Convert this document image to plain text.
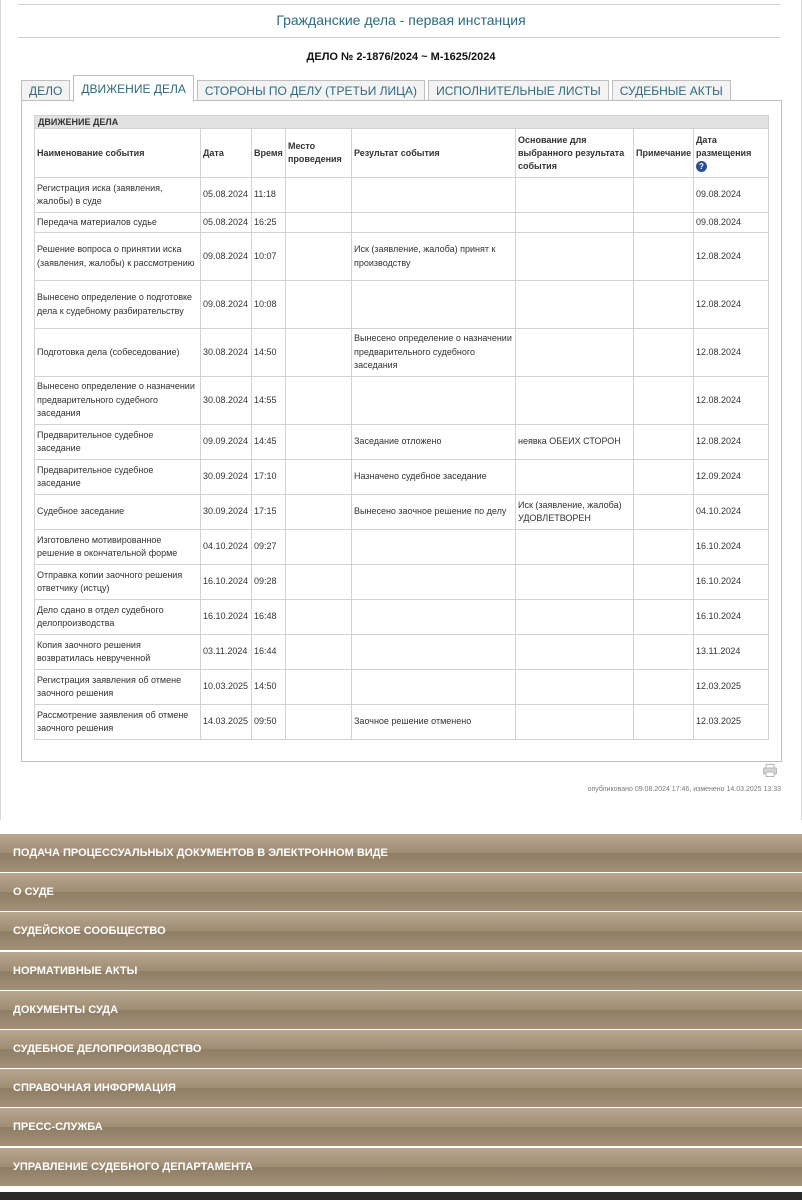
Гражданские дела - первая инстанция
ДЕЛО № 2-1876/2024 ~ М-1625/2024
ДЕЛО	ДВИЖЕНИЕ ДЕЛА	СТОРОНЫ ПО ДЕЛУ (ТРЕТЬИ ЛИЦА)	ИСПОЛНИТЕЛЬНЫЕ ЛИСТЫ	СУДЕБНЫЕ АКТЫ
ДВИЖЕНИЕ ДЕЛА							
Наименование события	Дата	Время	Место проведения	Результат события	Основание для выбранного результата события	Примечание	Дата размещения
?
Регистрация иска (заявления, жалобы) в суде	05.08.2024	11:18					09.08.2024
Передача материалов судье	05.08.2024	16:25					09.08.2024
Решение вопроса о принятии иска (заявления, жалобы) к рассмотрению	09.08.2024	10:07		Иск (заявление, жалоба) принят к производству			12.08.2024
Вынесено определение о подготовке дела к судебному разбирательству	09.08.2024	10:08					12.08.2024
Подготовка дела (собеседование)	30.08.2024	14:50		Вынесено определение о назначении предварительного судебного заседания			12.08.2024
Вынесено определение о назначении предварительного судебного заседания	30.08.2024	14:55					12.08.2024
Предварительное судебное заседание	09.09.2024	14:45		Заседание отложено	неявка ОБЕИХ СТОРОН		12.08.2024
Предварительное судебное заседание	30.09.2024	17:10		Назначено судебное заседание			12.09.2024
Судебное заседание	30.09.2024	17:15		Вынесено заочное решение по делу	Иск (заявление, жалоба) УДОВЛЕТВОРЕН		04.10.2024
Изготовлено мотивированное решение в окончательной форме	04.10.2024	09:27					16.10.2024
Отправка копии заочного решения ответчику (истцу)	16.10.2024	09:28					16.10.2024
Дело сдано в отдел судебного делопроизводства	16.10.2024	16:48					16.10.2024
Копия заочного решения возвратилась неврученной	03.11.2024	16:44					13.11.2024
Регистрация заявления об отмене заочного решения	10.03.2025	14:50					12.03.2025
Рассмотрение заявления об отмене заочного решения	14.03.2025	09:50		Заочное решение отменено			12.03.2025
опубликовано 09.08.2024 17:46, изменено 14.03.2025 13:33
ПОДАЧА ПРОЦЕССУАЛЬНЫХ ДОКУМЕНТОВ В ЭЛЕКТРОННОМ ВИДЕ
О СУДЕ
СУДЕЙСКОЕ СООБЩЕСТВО
НОРМАТИВНЫЕ АКТЫ
ДОКУМЕНТЫ СУДА
СУДЕБНОЕ ДЕЛОПРОИЗВОДСТВО
СПРАВОЧНАЯ ИНФОРМАЦИЯ
ПРЕСС-СЛУЖБА
УПРАВЛЕНИЕ СУДЕБНОГО ДЕПАРТАМЕНТА
